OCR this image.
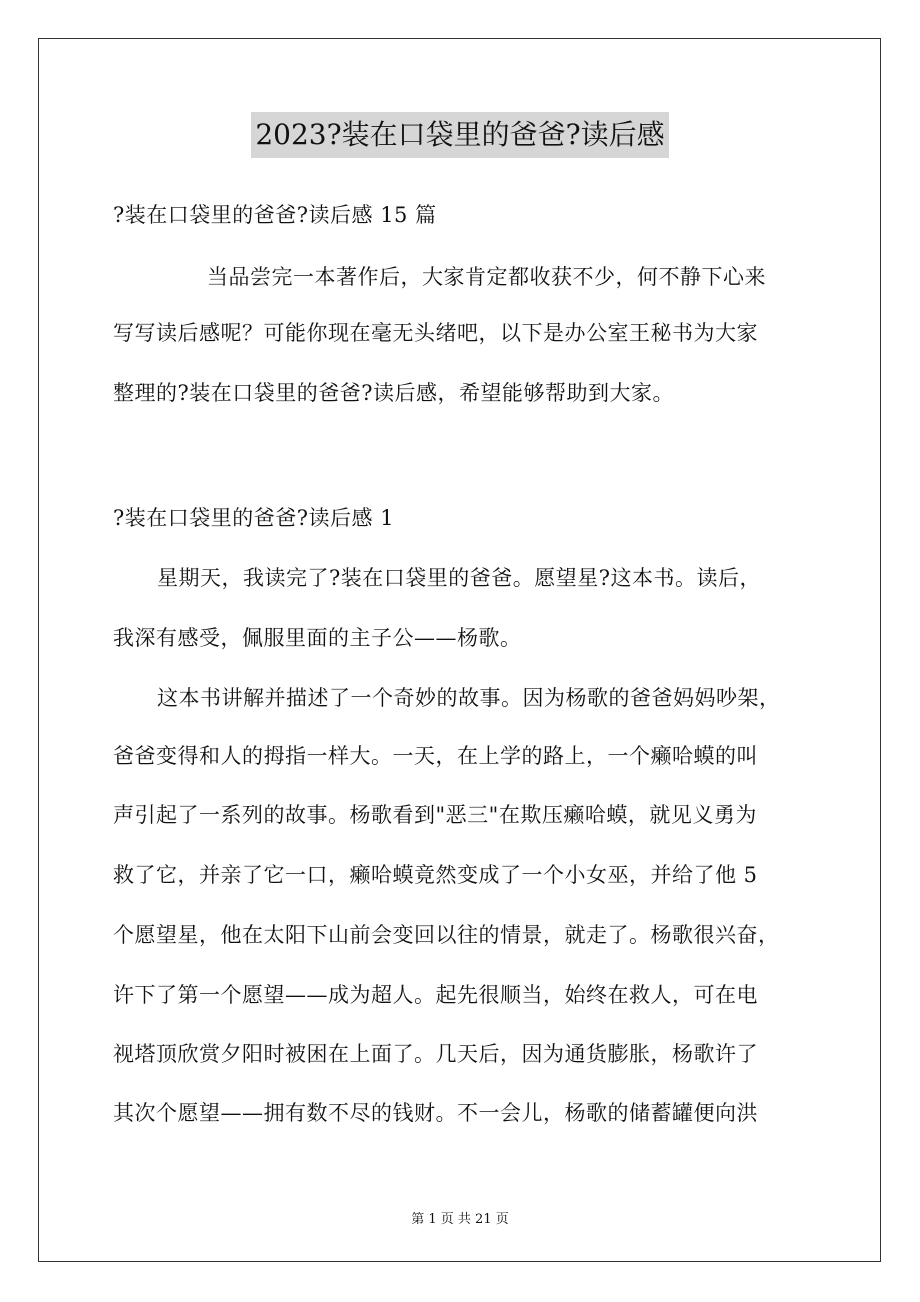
2023?装在口袋里的爸爸?读后感
?装在口袋里的爸爸?读后感 15 篇
当品尝完一本著作后，大家肯定都收获不少，何不静下心来
写写读后感呢？可能你现在毫无头绪吧，以下是办公室王秘书为大家
整理的?装在口袋里的爸爸?读后感，希望能够帮助到大家。
?装在口袋里的爸爸?读后感 1
星期天，我读完了?装在口袋里的爸爸。愿望星?这本书。读后，
我深有感受，佩服里面的主子公——杨歌。
这本书讲解并描述了一个奇妙的故事。因为杨歌的爸爸妈妈吵架，
爸爸变得和人的拇指一样大。一天，在上学的路上，一个癞哈蟆的叫
声引起了一系列的故事。杨歌看到"恶三"在欺压癞哈蟆，就见义勇为
救了它，并亲了它一口，癞哈蟆竟然变成了一个小女巫，并给了他 5
个愿望星，他在太阳下山前会变回以往的情景，就走了。杨歌很兴奋，
许下了第一个愿望——成为超人。起先很顺当，始终在救人，可在电
视塔顶欣赏夕阳时被困在上面了。几天后，因为通货膨胀，杨歌许了
其次个愿望——拥有数不尽的钱财。不一会儿，杨歌的储蓄罐便向洪
第 1 页 共 21 页
